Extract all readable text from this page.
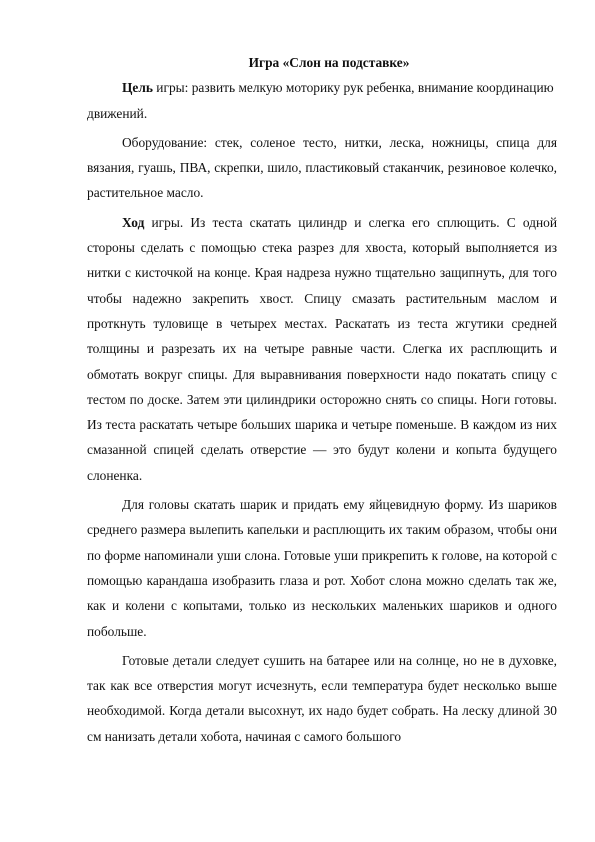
Игра «Слон на подставке»

Цель игры: развить мелкую моторику рук ребенка, внимание координацию движений.

Оборудование: стек, соленое тесто, нитки, леска, ножницы, спица для вязания, гуашь, ПВА, скрепки, шило, пластиковый стаканчик, резиновое колечко, растительное масло.

Ход игры. Из теста скатать цилиндр и слегка его сплющить. С одной стороны сделать с помощью стека разрез для хвоста, который выполняется из нитки с кисточкой на конце. Края надреза нужно тщательно защипнуть, для того чтобы надежно закрепить хвост. Спицу смазать растительным маслом и проткнуть туловище в четырех местах. Раскатать из теста жгутики средней толщины и разрезать их на четыре равные части. Слегка их расплющить и обмотать вокруг спицы. Для выравнивания поверхности надо покатать спицу с тестом по доске. Затем эти цилиндрики осторожно снять со спицы. Ноги готовы. Из теста раскатать четыре больших шарика и четыре поменьше. В каждом из них смазанной спицей сделать отверстие — это будут колени и копыта будущего слоненка.

Для головы скатать шарик и придать ему яйцевидную форму. Из шариков среднего размера вылепить капельки и расплющить их таким образом, чтобы они по форме напоминали уши слона. Готовые уши прикрепить к голове, на которой с помощью карандаша изобразить глаза и рот. Хобот слона можно сделать так же, как и колени с копытами, только из нескольких маленьких шариков и одного побольше.

Готовые детали следует сушить на батарее или на солнце, но не в духовке, так как все отверстия могут исчезнуть, если температура будет несколько выше необходимой. Когда детали высохнут, их надо будет собрать. На леску длиной 30 см нанизать детали хобота, начиная с самого большого
